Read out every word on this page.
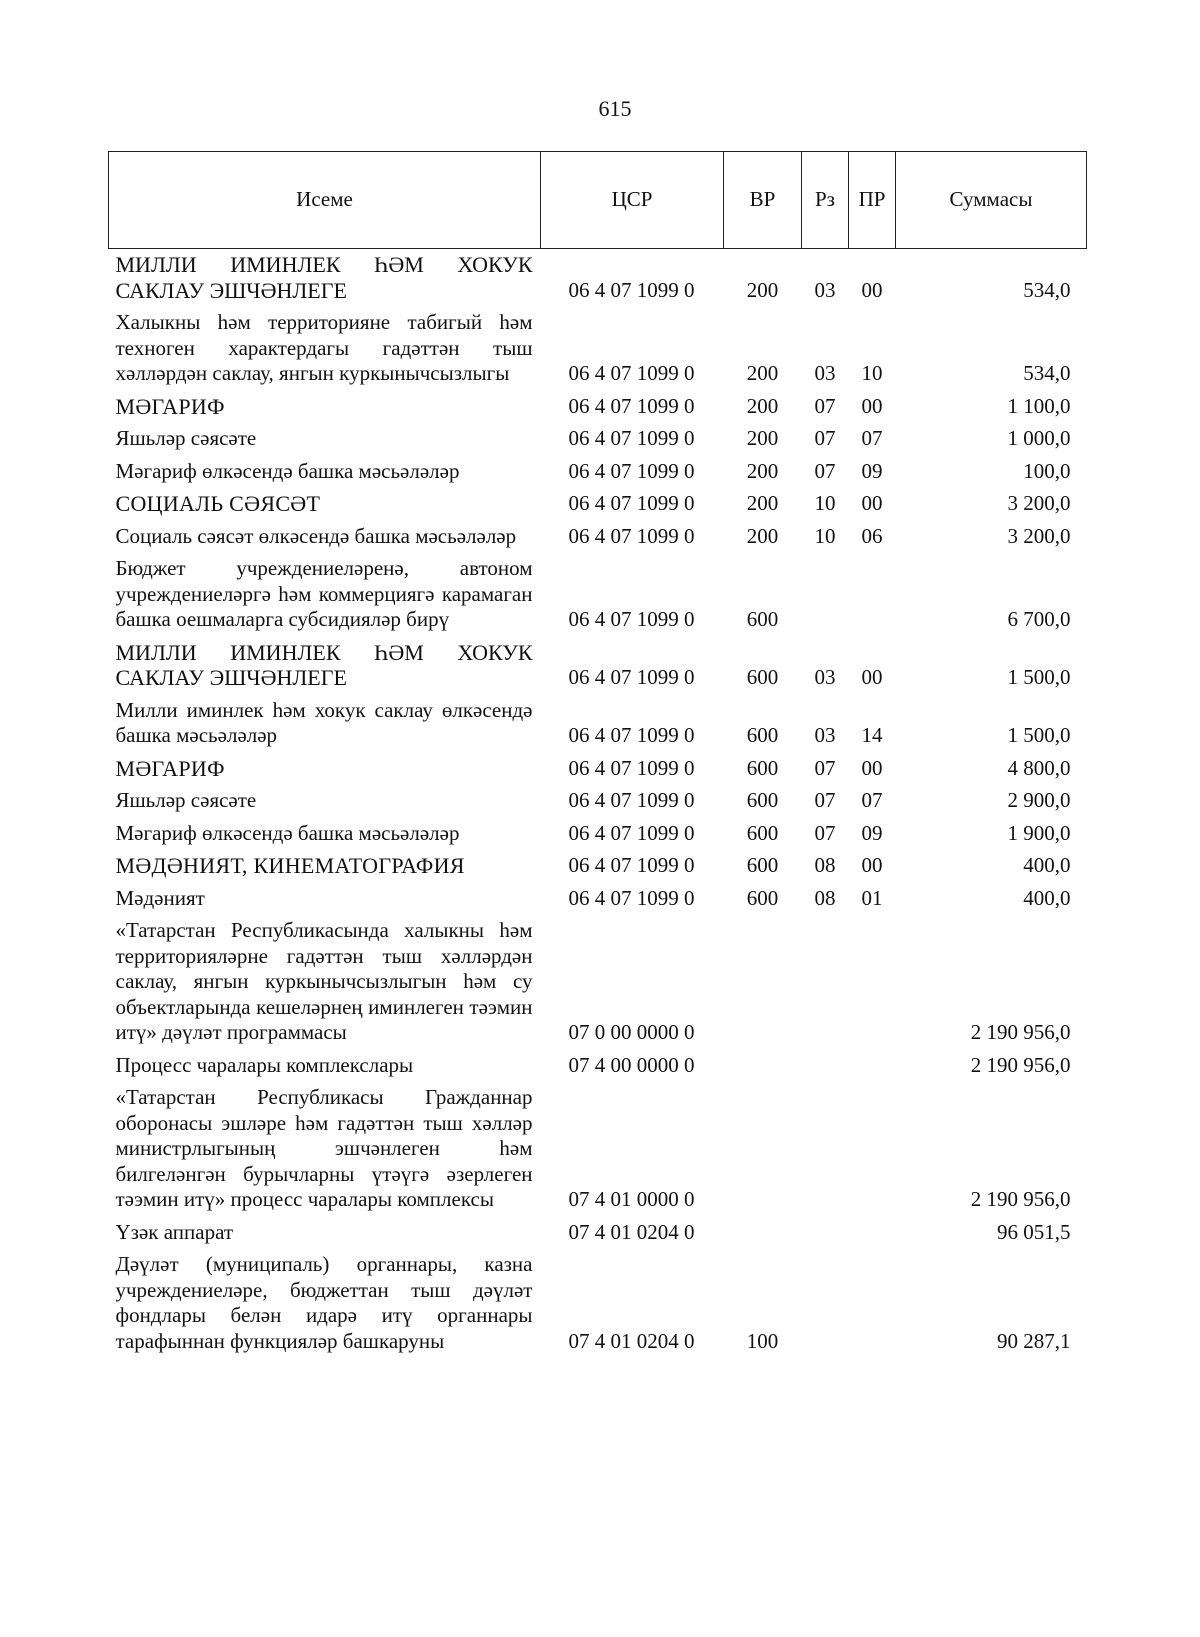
615
Исеме	ЦСР	ВР	Рз	ПР	Суммасы
МИЛЛИ ИМИНЛЕК ҺӘМ ХОКУК САКЛАУ ЭШЧӘНЛЕГЕ	06 4 07 1099 0	200	03	00	534,0
Халыкны һәм территорияне табигый һәм техноген характердагы гадәттән тыш хәлләрдән саклау, янгын куркынычсызлыгы	06 4 07 1099 0	200	03	10	534,0
МӘГАРИФ	06 4 07 1099 0	200	07	00	1 100,0
Яшьләр сәясәте	06 4 07 1099 0	200	07	07	1 000,0
Мәгариф өлкәсендә башка мәсьәләләр	06 4 07 1099 0	200	07	09	100,0
СОЦИАЛЬ СӘЯСӘТ	06 4 07 1099 0	200	10	00	3 200,0
Социаль сәясәт өлкәсендә башка мәсьәләләр	06 4 07 1099 0	200	10	06	3 200,0
Бюджет учреждениеләренә, автоном учреждениеләргә һәм коммерциягә карамаган башка оешмаларга субсидияләр бирү	06 4 07 1099 0	600			6 700,0
МИЛЛИ ИМИНЛЕК ҺӘМ ХОКУК САКЛАУ ЭШЧӘНЛЕГЕ	06 4 07 1099 0	600	03	00	1 500,0
Милли иминлек һәм хокук саклау өлкәсендә башка мәсьәләләр	06 4 07 1099 0	600	03	14	1 500,0
МӘГАРИФ	06 4 07 1099 0	600	07	00	4 800,0
Яшьләр сәясәте	06 4 07 1099 0	600	07	07	2 900,0
Мәгариф өлкәсендә башка мәсьәләләр	06 4 07 1099 0	600	07	09	1 900,0
МӘДӘНИЯТ, КИНЕМАТОГРАФИЯ	06 4 07 1099 0	600	08	00	400,0
Мәдәният	06 4 07 1099 0	600	08	01	400,0
«Татарстан Республикасында халыкны һәм территорияләрне гадәттән тыш хәлләрдән саклау, янгын куркынычсызлыгын һәм су объектларында кешеләрнең иминлеген тәэмин итү» дәүләт программасы	07 0 00 0000 0				2 190 956,0
Процесс чаралары комплекслары	07 4 00 0000 0				2 190 956,0
«Татарстан Республикасы Гражданнар оборонасы эшләре һәм гадәттән тыш хәлләр министрлыгының эшчәнлеген һәм билгеләнгән бурычларны үтәүгә әзерлеген тәэмин итү» процесс чаралары комплексы	07 4 01 0000 0				2 190 956,0
Үзәк аппарат	07 4 01 0204 0				96 051,5
Дәүләт (муниципаль) органнары, казна учреждениеләре, бюджеттан тыш дәүләт фондлары белән идарә итү органнары тарафыннан функцияләр башкаруны	07 4 01 0204 0	100			90 287,1
